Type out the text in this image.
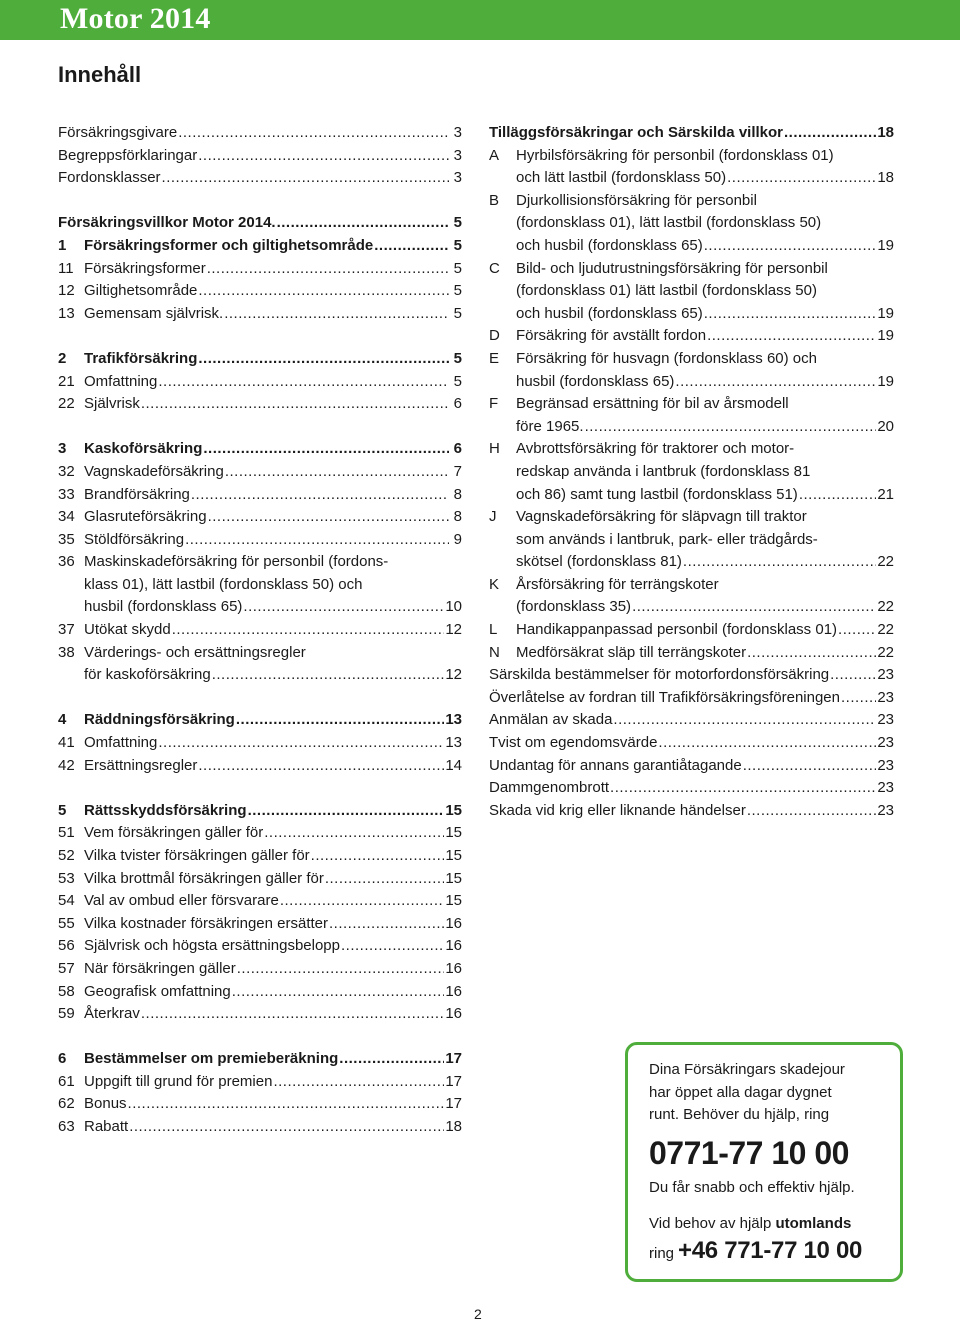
Motor 2014
Innehåll
Försäkringsgivare .....	3
Begreppsförklaringar .....	3
Fordonsklasser .....	3
Försäkringsvillkor Motor 2014. .....	5
1	Försäkringsformer och giltighetsområde .....	5
11 Försäkringsformer .....	5
12 Giltighetsområde .....	5
13 Gemensam självrisk. .....	5
2	Trafikförsäkring .....	5
21 Omfattning .....	5
22 Självrisk .....	6
3	Kaskoförsäkring .....	6
32 Vagnskadeförsäkring .....	7
33 Brandförsäkring .....	8
34 Glasruteförsäkring .....	8
35 Stöldförsäkring .....	9
36 Maskinskadeförsäkring för personbil (fordons-
klass 01), lätt lastbil (fordonsklass 50) och
husbil (fordonsklass 65) .....	10
37 Utökat skydd .....	12
38 Värderings- och ersättningsregler
för kaskoförsäkring .....	12
4	Räddningsförsäkring .....	13
41 Omfattning .....	13
42 Ersättningsregler .....	14
5	Rättsskyddsförsäkring .....	15
51 Vem försäkringen gäller för .....	15
52 Vilka tvister försäkringen gäller för .....	15
53 Vilka brottmål försäkringen gäller för .....	15
54 Val av ombud eller försvarare .....	15
55 Vilka kostnader försäkringen ersätter .....	16
56 Självrisk och högsta ersättningsbelopp .....	16
57 När försäkringen gäller .....	16
58 Geografisk omfattning .....	16
59 Återkrav .....	16
6	Bestämmelser om premieberäkning .....	17
61 Uppgift till grund för premien .....	17
62 Bonus .....	17
63 Rabatt .....	18
Tilläggsförsäkringar och Särskilda villkor .....	18
A	Hyrbilsförsäkring för personbil (fordonsklass 01)
och lätt lastbil (fordonsklass 50) .....	18
B	Djurkollisionsförsäkring för personbil
(fordonsklass 01), lätt lastbil (fordonsklass 50)
och husbil (fordonsklass 65) .....	19
C	Bild- och ljudutrustningsförsäkring för personbil
(fordonsklass 01) lätt lastbil (fordonsklass 50)
och husbil (fordonsklass 65) .....	19
D	Försäkring för avställt fordon .....	19
E	Försäkring för husvagn (fordonsklass 60) och
husbil (fordonsklass 65) .....	19
F	Begränsad ersättning för bil av årsmodell
före 1965. .....	20
H	Avbrottsförsäkring för traktorer och motor-
redskap använda i lantbruk (fordonsklass 81
och 86) samt tung lastbil (fordonsklass 51) .....	21
J	Vagnskadeförsäkring för släpvagn till traktor
som används i lantbruk, park- eller trädgårds-
skötsel (fordonsklass 81) .....	22
K	Årsförsäkring för terrängskoter
(fordonsklass 35) .....	22
L	Handikappanpassad personbil (fordonsklass 01) .....	22
N	Medförsäkrat släp till terrängskoter .....	22
Särskilda bestämmelser för motorfordonsförsäkring .....	23
Överlåtelse av fordran till Trafikförsäkringsföreningen ..... 23
Anmälan av skada .....	23
Tvist om egendomsvärde .....	23
Undantag för annans garantiåtagande .....	23
Dammgenombrott .....	23
Skada vid krig eller liknande händelser .....	23
Dina Försäkringars skadejour
har öppet alla dagar dygnet
runt. Behöver du hjälp, ring
0771-77 10 00
Du får snabb och effektiv hjälp.
Vid behov av hjälp utomlands
ring +46 771-77 10 00
2
